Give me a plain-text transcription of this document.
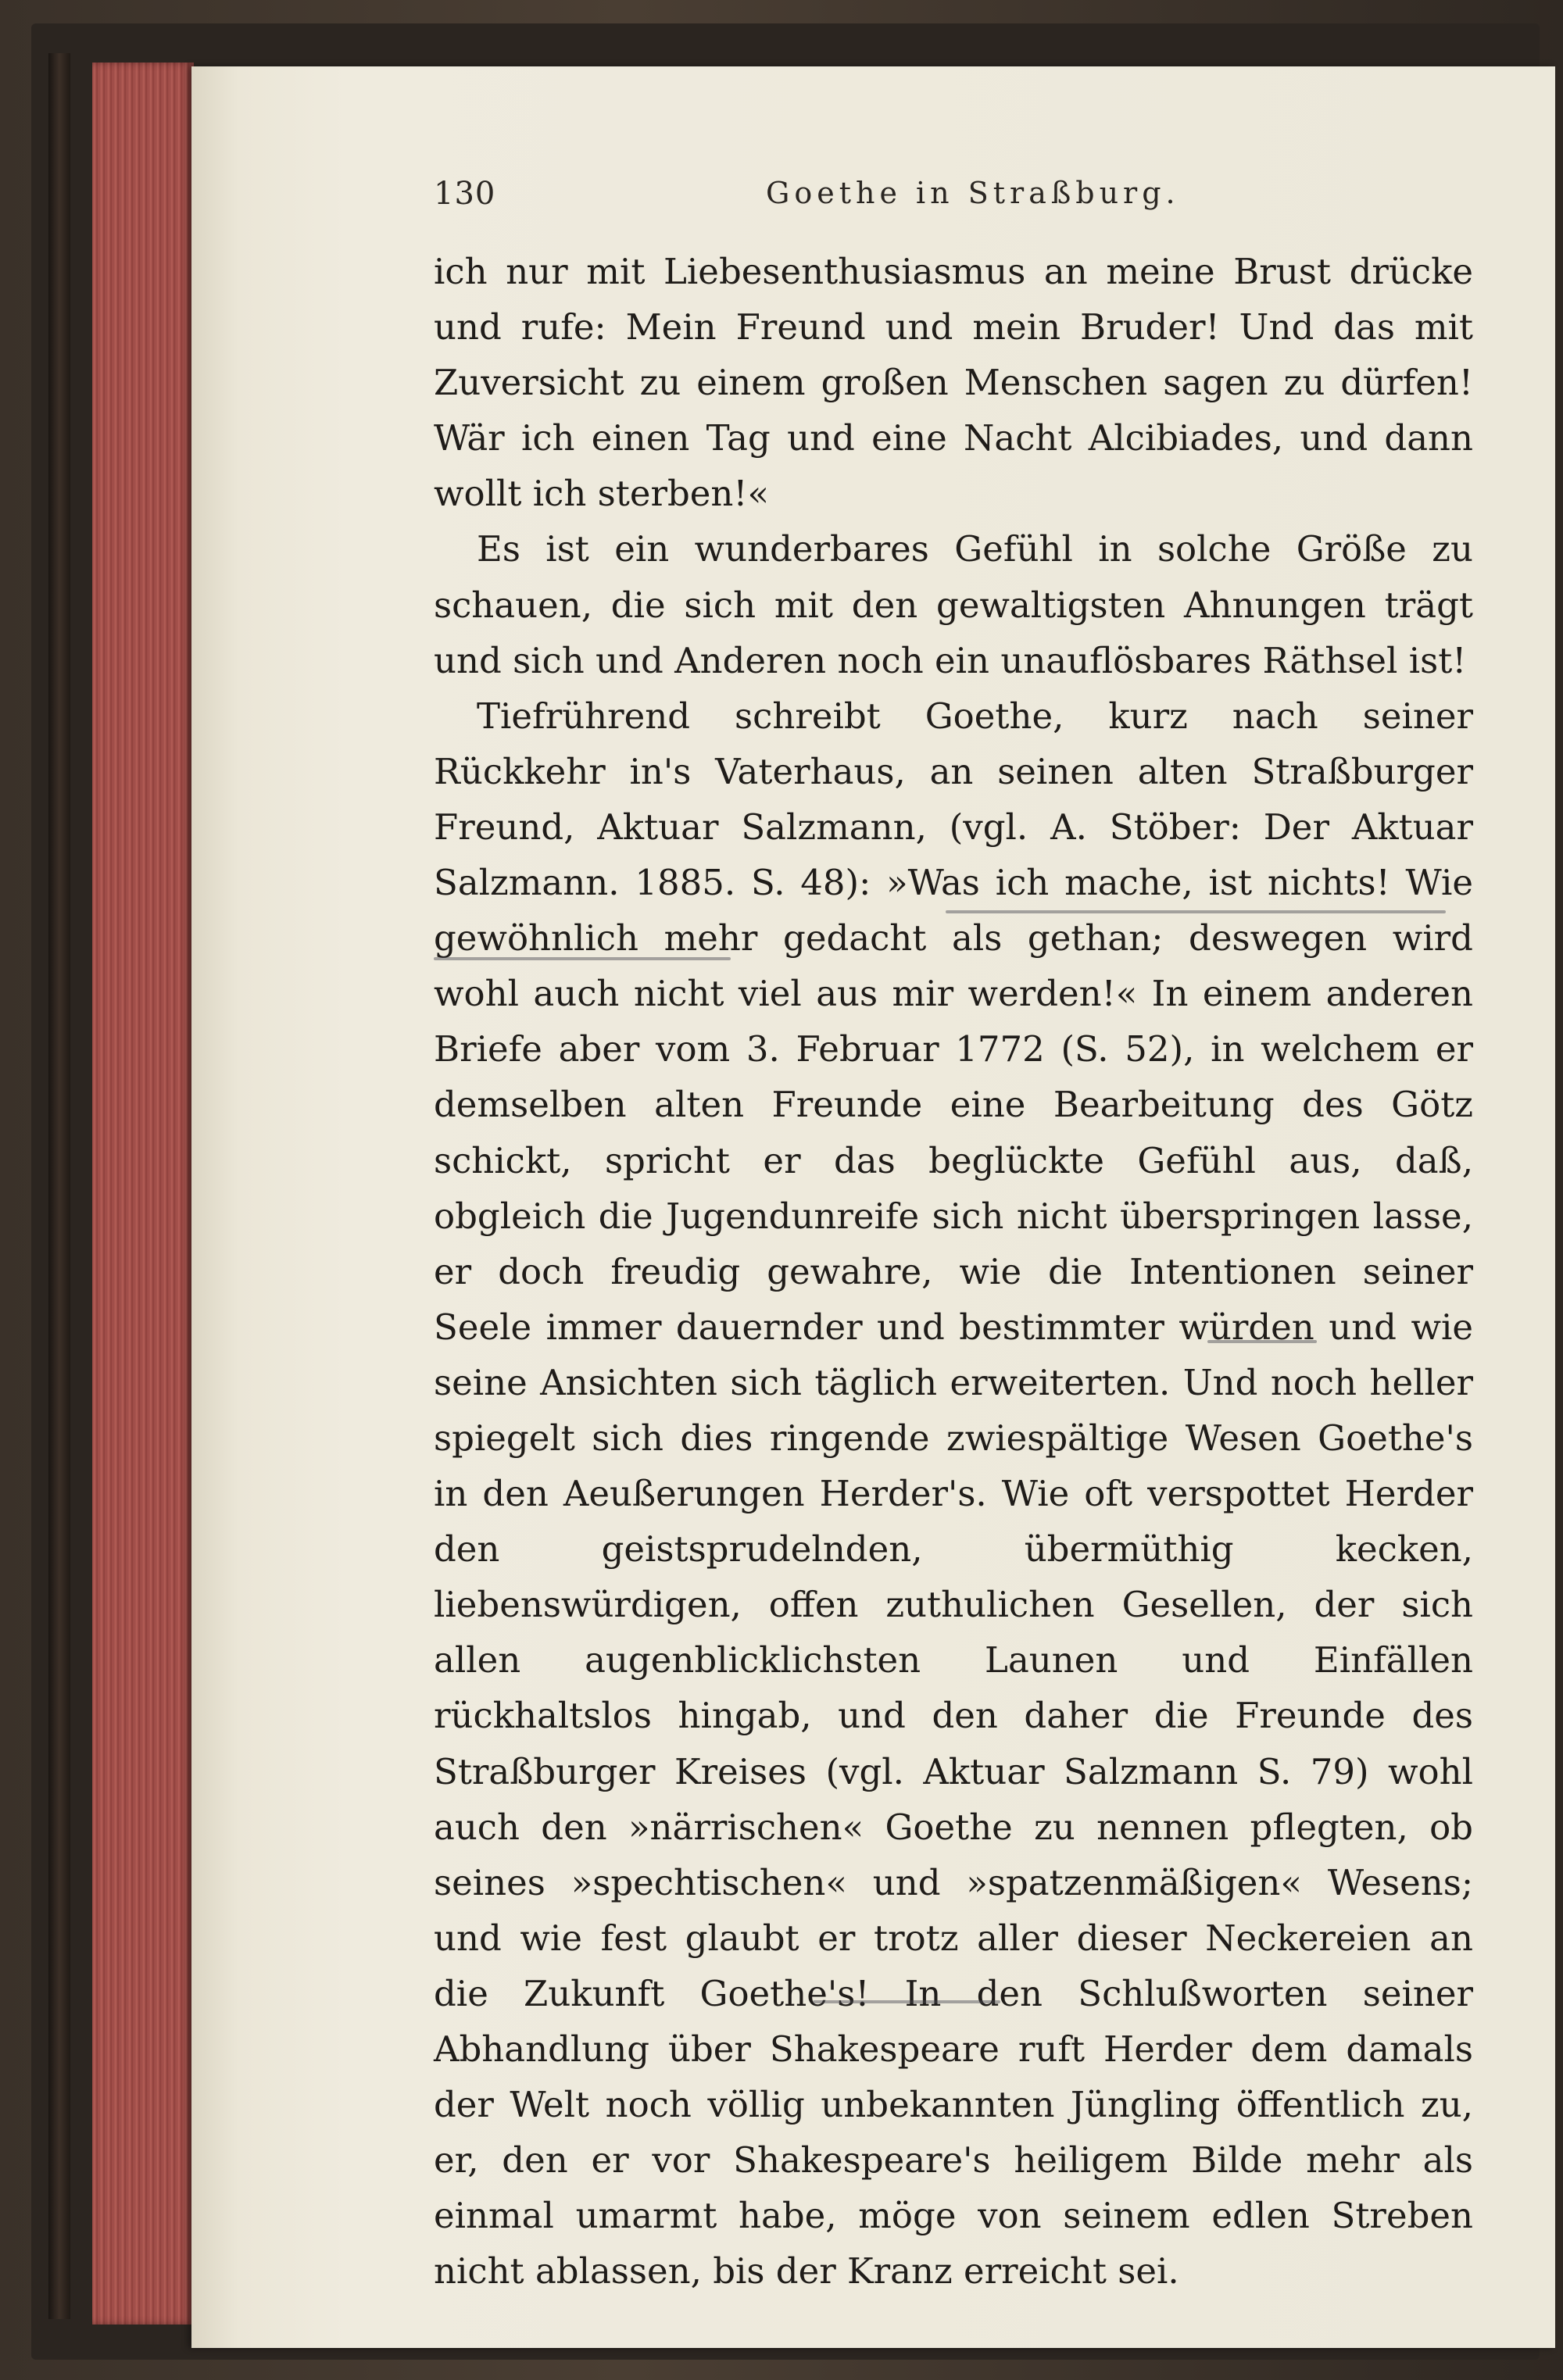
130	Goethe in Straßburg.

ich nur mit Liebesenthusiasmus an meine Brust drücke und rufe: Mein Freund und mein Bruder! Und das mit Zuversicht zu einem großen Menschen sagen zu dürfen! Wär ich einen Tag und eine Nacht Alcibiades, und dann wollt ich sterben!«

Es ist ein wunderbares Gefühl in solche Größe zu schauen, die sich mit den gewaltigsten Ahnungen trägt und sich und Anderen noch ein unauflösbares Räthsel ist!

Tiefrührend schreibt Goethe, kurz nach seiner Rückkehr in's Vaterhaus, an seinen alten Straßburger Freund, Aktuar Salzmann, (vgl. A. Stöber: Der Aktuar Salzmann. 1885. S. 48): »Was ich mache, ist nichts! Wie gewöhnlich mehr gedacht als gethan; deswegen wird wohl auch nicht viel aus mir werden!« In einem anderen Briefe aber vom 3. Februar 1772 (S. 52), in welchem er demselben alten Freunde eine Bearbeitung des Götz schickt, spricht er das beglückte Gefühl aus, daß, obgleich die Jugendunreife sich nicht überspringen lasse, er doch freudig gewahre, wie die Intentionen seiner Seele immer dauernder und bestimmter würden und wie seine Ansichten sich täglich erweiterten. Und noch heller spiegelt sich dies ringende zwiespältige Wesen Goethe's in den Aeußerungen Herder's. Wie oft verspottet Herder den geistsprudelnden, übermüthig kecken, liebenswürdigen, offen zuthulichen Gesellen, der sich allen augenblicklichsten Launen und Einfällen rückhaltslos hingab, und den daher die Freunde des Straßburger Kreises (vgl. Aktuar Salzmann S. 79) wohl auch den »närrischen« Goethe zu nennen pflegten, ob seines »spechtischen« und »spatzenmäßigen« Wesens; und wie fest glaubt er trotz aller dieser Neckereien an die Zukunft Goethe's! In den Schlußworten seiner Abhandlung über Shakespeare ruft Herder dem damals der Welt noch völlig unbekannten Jüngling öffentlich zu, er, den er vor Shakespeare's heiligem Bilde mehr als einmal umarmt habe, möge von seinem edlen Streben nicht ablassen, bis der Kranz erreicht sei.
